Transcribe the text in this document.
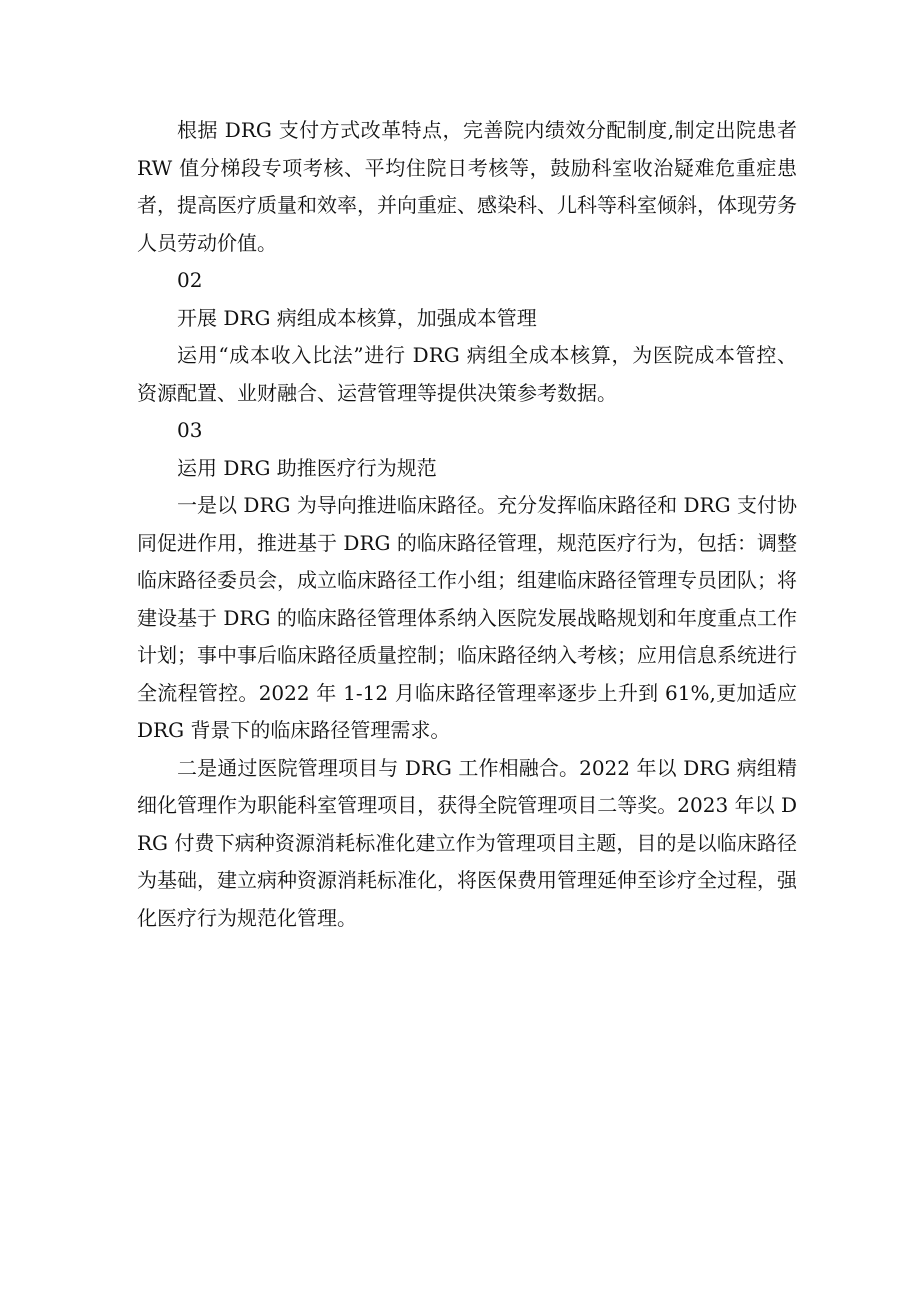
根据 DRG 支付方式改革特点，完善院内绩效分配制度,制定出院患者 RW 值分梯段专项考核、平均住院日考核等，鼓励科室收治疑难危重症患者，提高医疗质量和效率，并向重症、感染科、儿科等科室倾斜，体现劳务人员劳动价值。

02

开展 DRG 病组成本核算，加强成本管理

运用“成本收入比法”进行 DRG 病组全成本核算，为医院成本管控、资源配置、业财融合、运营管理等提供决策参考数据。

03

运用 DRG 助推医疗行为规范

一是以 DRG 为导向推进临床路径。充分发挥临床路径和 DRG 支付协同促进作用，推进基于 DRG 的临床路径管理，规范医疗行为，包括：调整临床路径委员会，成立临床路径工作小组；组建临床路径管理专员团队；将建设基于 DRG 的临床路径管理体系纳入医院发展战略规划和年度重点工作计划；事中事后临床路径质量控制；临床路径纳入考核；应用信息系统进行全流程管控。2022 年 1-12 月临床路径管理率逐步上升到 61%,更加适应 DRG 背景下的临床路径管理需求。

二是通过医院管理项目与 DRG 工作相融合。2022 年以 DRG 病组精细化管理作为职能科室管理项目，获得全院管理项目二等奖。2023 年以 DRG 付费下病种资源消耗标准化建立作为管理项目主题，目的是以临床路径为基础，建立病种资源消耗标准化，将医保费用管理延伸至诊疗全过程，强化医疗行为规范化管理。
